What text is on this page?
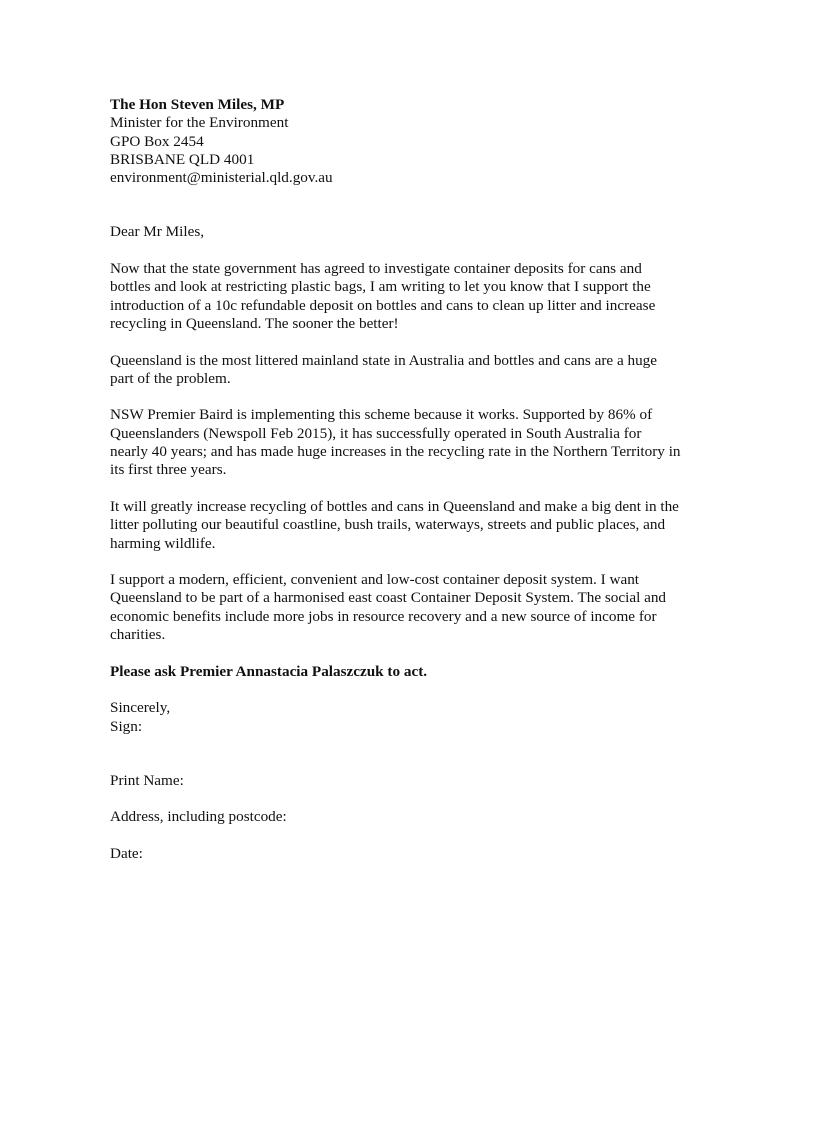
The Hon Steven Miles, MP
Minister for the Environment
GPO Box 2454
BRISBANE QLD 4001
environment@ministerial.qld.gov.au
Dear Mr Miles,
Now that the state government has agreed to investigate container deposits for cans and
bottles and look at restricting plastic bags, I am writing to let you know that I support the
introduction of a 10c refundable deposit on bottles and cans to clean up litter and increase
recycling in Queensland. The sooner the better!
Queensland is the most littered mainland state in Australia and bottles and cans are a huge
part of the problem.
NSW Premier Baird is implementing this scheme because it works. Supported by 86% of
Queenslanders (Newspoll Feb 2015), it has successfully operated in South Australia for
nearly 40 years; and has made huge increases in the recycling rate in the Northern Territory in
its first three years.
It will greatly increase recycling of bottles and cans in Queensland and make a big dent in the
litter polluting our beautiful coastline, bush trails, waterways, streets and public places, and
harming wildlife.
I support a modern, efficient, convenient and low-cost container deposit system. I want
Queensland to be part of a harmonised east coast Container Deposit System. The social and
economic benefits include more jobs in resource recovery and a new source of income for
charities.
Please ask Premier Annastacia Palaszczuk to act.
Sincerely,
Sign:
Print Name:
Address, including postcode:
Date:
